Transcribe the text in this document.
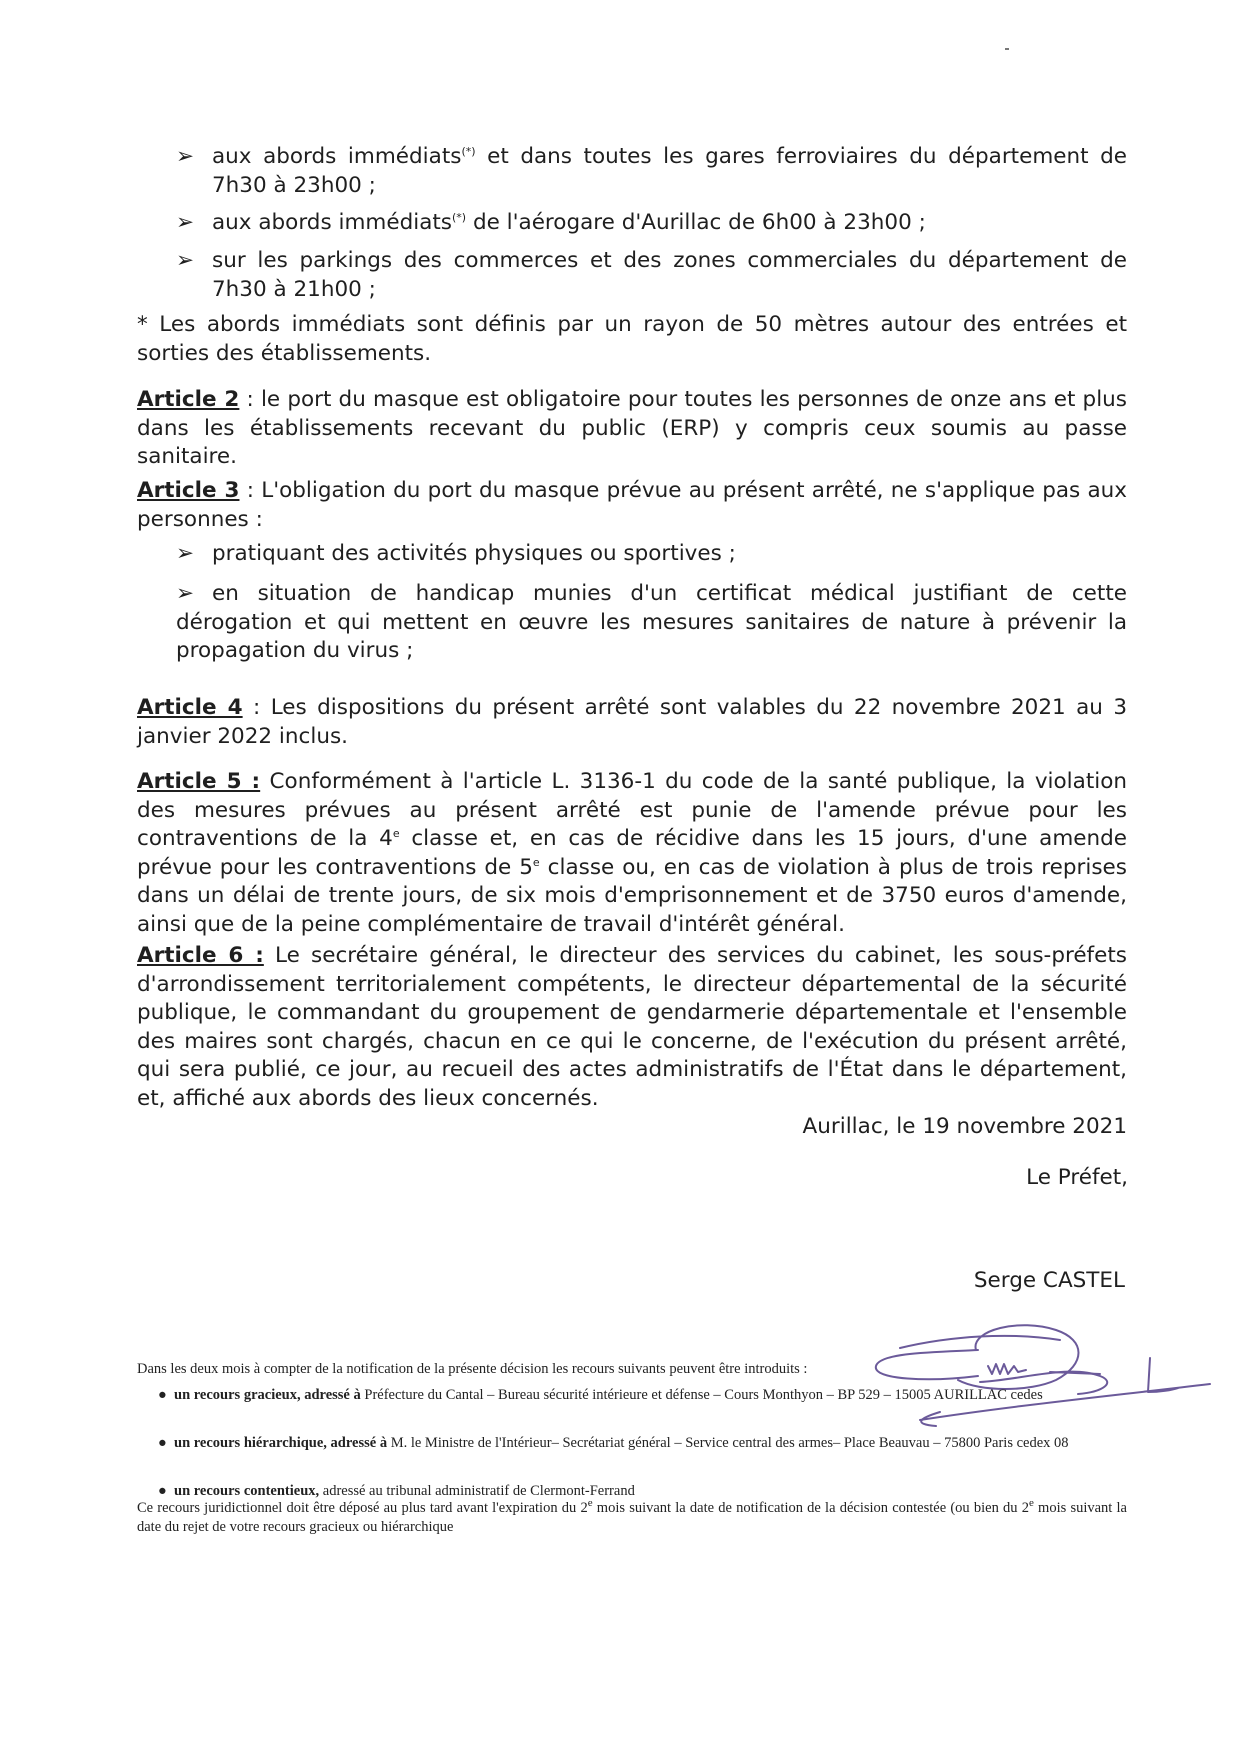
➢ aux abords immédiats(*) et dans toutes les gares ferroviaires du département de 7h30 à 23h00 ;
➢ aux abords immédiats(*) de l'aérogare d'Aurillac de 6h00 à 23h00 ;
➢ sur les parkings des commerces et des zones commerciales du département de 7h30 à 21h00 ;
* Les abords immédiats sont définis par un rayon de 50 mètres autour des entrées et sorties des établissements.
Article 2 : le port du masque est obligatoire pour toutes les personnes de onze ans et plus dans les établissements recevant du public (ERP) y compris ceux soumis au passe sanitaire.
Article 3 : L'obligation du port du masque prévue au présent arrêté, ne s'applique pas aux personnes :
➢ pratiquant des activités physiques ou sportives ;
➢ en situation de handicap munies d'un certificat médical justifiant de cette dérogation et qui mettent en œuvre les mesures sanitaires de nature à prévenir la propagation du virus ;
Article 4 : Les dispositions du présent arrêté sont valables du 22 novembre 2021 au 3 janvier 2022 inclus.
Article 5 : Conformément à l'article L. 3136-1 du code de la santé publique, la violation des mesures prévues au présent arrêté est punie de l'amende prévue pour les contraventions de la 4e classe et, en cas de récidive dans les 15 jours, d'une amende prévue pour les contraventions de 5e classe ou, en cas de violation à plus de trois reprises dans un délai de trente jours, de six mois d'emprisonnement et de 3750 euros d'amende, ainsi que de la peine complémentaire de travail d'intérêt général.
Article 6 : Le secrétaire général, le directeur des services du cabinet, les sous-préfets d'arrondissement territorialement compétents, le directeur départemental de la sécurité publique, le commandant du groupement de gendarmerie départementale et l'ensemble des maires sont chargés, chacun en ce qui le concerne, de l'exécution du présent arrêté, qui sera publié, ce jour, au recueil des actes administratifs de l'État dans le département, et, affiché aux abords des lieux concernés.
Aurillac, le 19 novembre 2021
Le Préfet,
Serge CASTEL
Dans les deux mois à compter de la notification de la présente décision les recours suivants peuvent être introduits :
● un recours gracieux, adressé à Préfecture du Cantal – Bureau sécurité intérieure et défense – Cours Monthyon – BP 529 – 15005 AURILLAC cedes
● un recours hiérarchique, adressé à M. le Ministre de l'Intérieur– Secrétariat général – Service central des armes– Place Beauvau – 75800 Paris cedex 08
● un recours contentieux, adressé au tribunal administratif de Clermont-Ferrand
Ce recours juridictionnel doit être déposé au plus tard avant l'expiration du 2e mois suivant la date de notification de la décision contestée (ou bien du 2e mois suivant la date du rejet de votre recours gracieux ou hiérarchique
